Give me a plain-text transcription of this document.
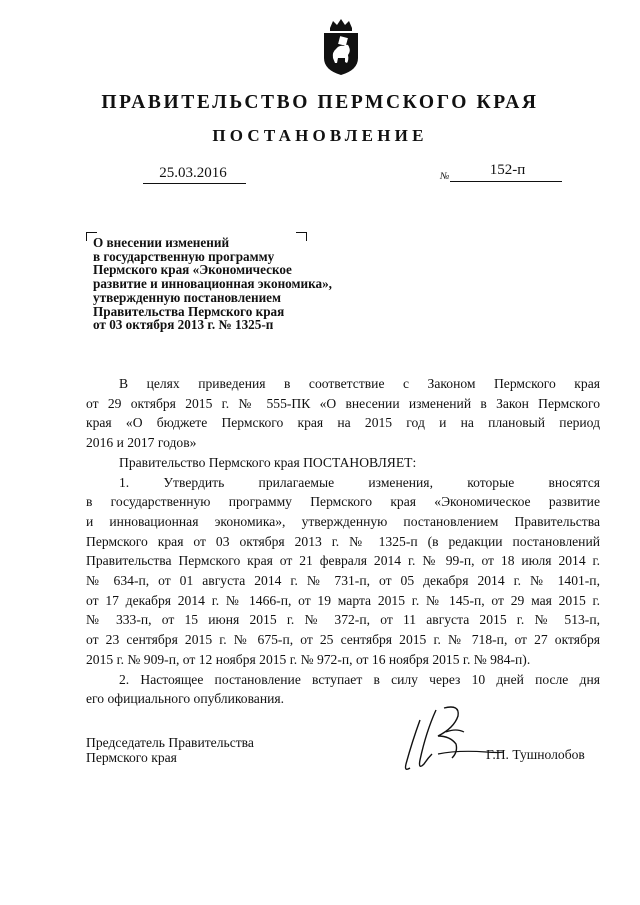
ПРАВИТЕЛЬСТВО ПЕРМСКОГО КРАЯ
ПОСТАНОВЛЕНИЕ
25.03.2016	№	152-п
О внесении изменений
в государственную программу
Пермского края «Экономическое
развитие и инновационная экономика»,
утвержденную постановлением
Правительства Пермского края
от 03 октября 2013 г. № 1325-п
В целях приведения в соответствие с Законом Пермского края
от 29 октября 2015 г. № 555-ПК «О внесении изменений в Закон Пермского
края «О бюджете Пермского края на 2015 год и на плановый период
2016 и 2017 годов»
Правительство Пермского края ПОСТАНОВЛЯЕТ:
1. Утвердить прилагаемые изменения, которые вносятся
в государственную программу Пермского края «Экономическое развитие
и инновационная экономика», утвержденную постановлением Правительства
Пермского края от 03 октября 2013 г. № 1325-п (в редакции постановлений
Правительства Пермского края от 21 февраля 2014 г. № 99-п, от 18 июля 2014 г.
№ 634-п, от 01 августа 2014 г. № 731-п, от 05 декабря 2014 г. № 1401-п,
от 17 декабря 2014 г. № 1466-п, от 19 марта 2015 г. № 145-п, от 29 мая 2015 г.
№ 333-п, от 15 июня 2015 г. № 372-п, от 11 августа 2015 г. № 513-п,
от 23 сентября 2015 г. № 675-п, от 25 сентября 2015 г. № 718-п, от 27 октября
2015 г. № 909-п, от 12 ноября 2015 г. № 972-п, от 16 ноября 2015 г. № 984-п).
2. Настоящее постановление вступает в силу через 10 дней после дня
его официального опубликования.
Председатель Правительства
Пермского края	Г.П. Тушнолобов
